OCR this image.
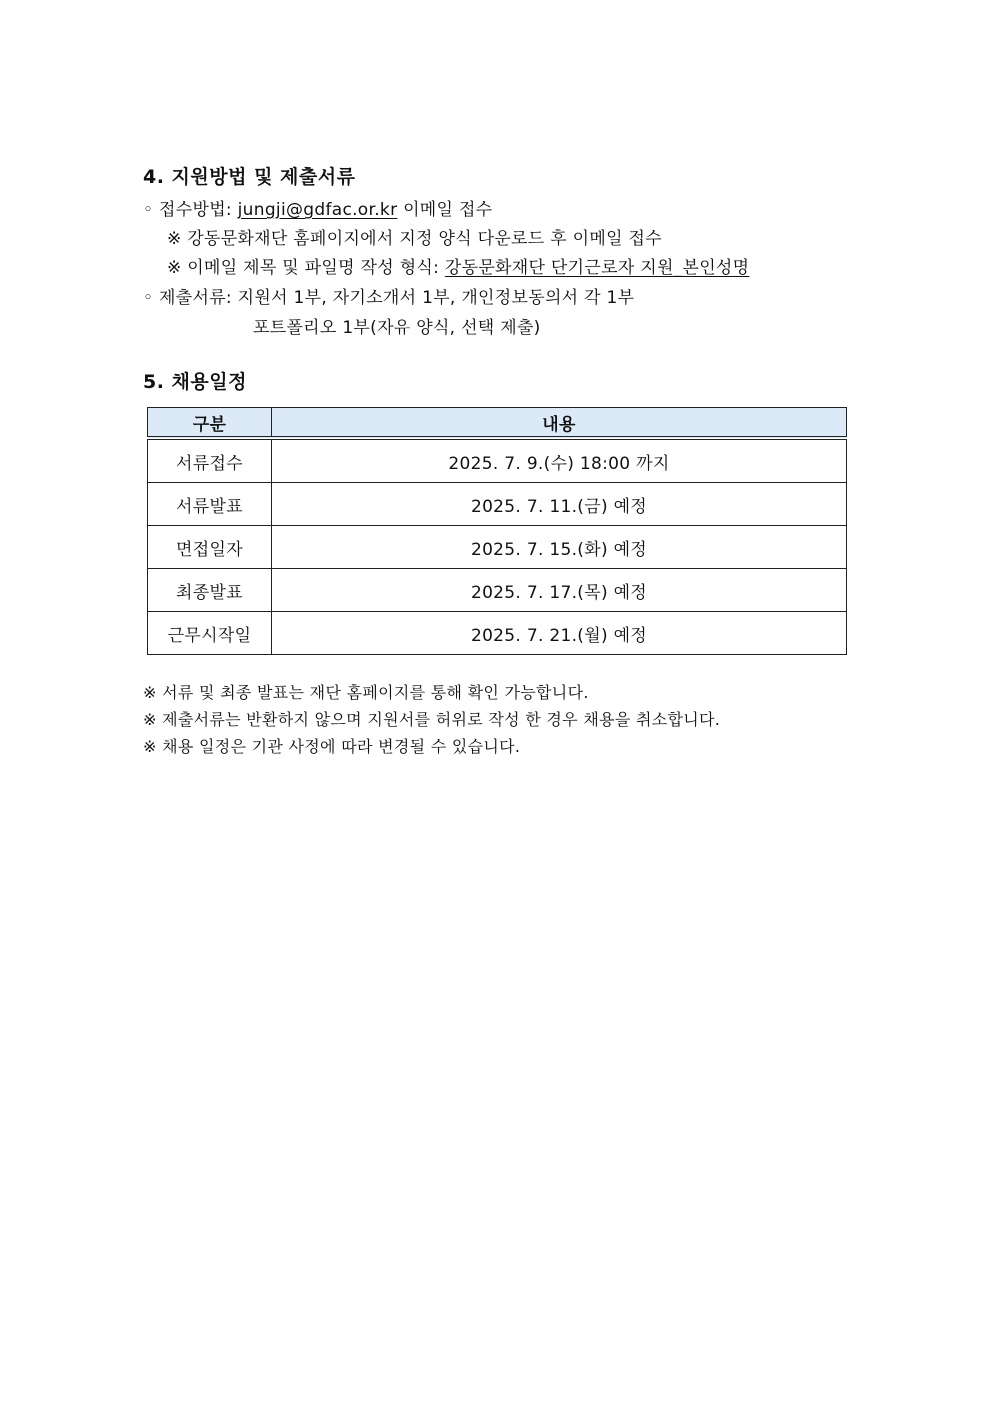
4. 지원방법 및 제출서류
◦ 접수방법: jungji@gdfac.or.kr 이메일 접수
※ 강동문화재단 홈페이지에서 지정 양식 다운로드 후 이메일 접수
※ 이메일 제목 및 파일명 작성 형식: 강동문화재단 단기근로자 지원_본인성명
◦ 제출서류: 지원서 1부, 자기소개서 1부, 개인정보동의서 각 1부
포트폴리오 1부(자유 양식, 선택 제출)
5. 채용일정
구분	내용
서류접수	2025. 7. 9.(수) 18:00 까지
서류발표	2025. 7. 11.(금) 예정
면접일자	2025. 7. 15.(화) 예정
최종발표	2025. 7. 17.(목) 예정
근무시작일	2025. 7. 21.(월) 예정
※ 서류 및 최종 발표는 재단 홈페이지를 통해 확인 가능합니다.
※ 제출서류는 반환하지 않으며 지원서를 허위로 작성 한 경우 채용을 취소합니다.
※ 채용 일정은 기관 사정에 따라 변경될 수 있습니다.
